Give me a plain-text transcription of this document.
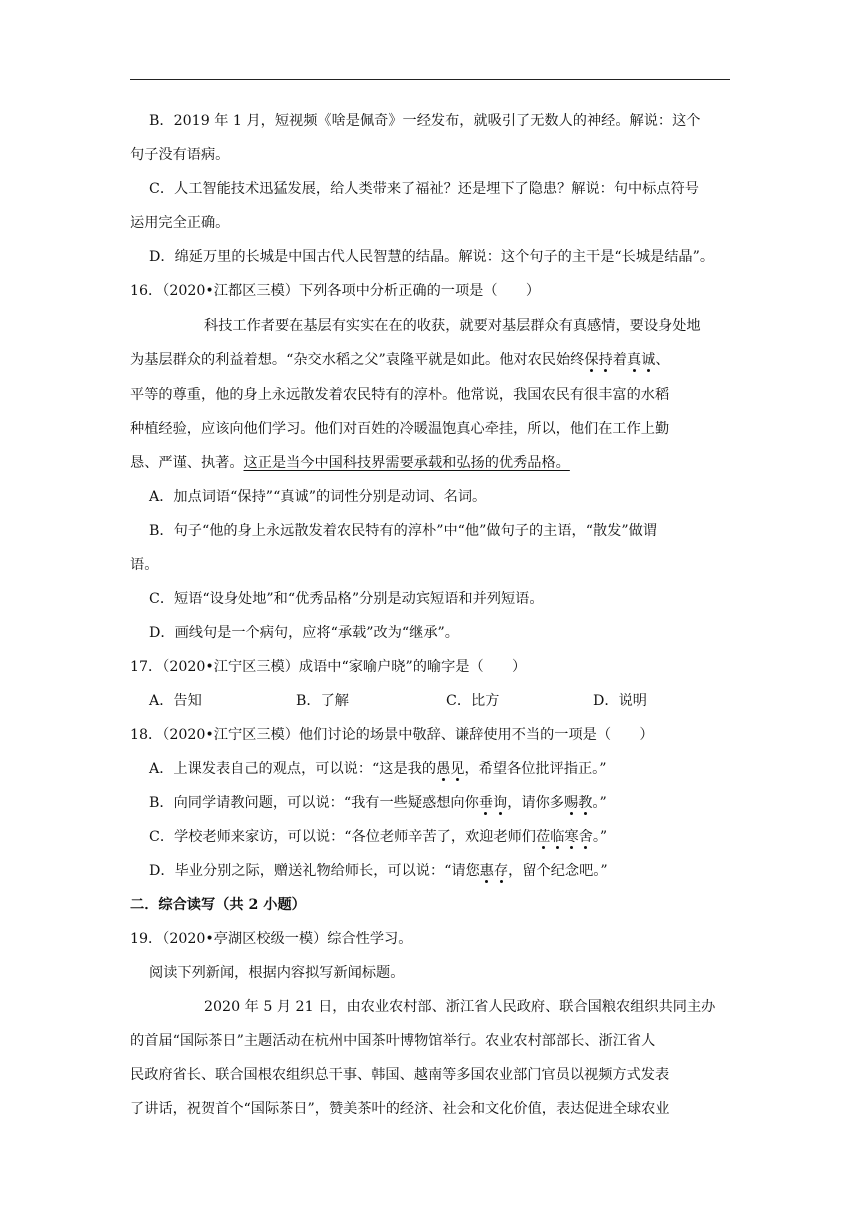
B．2019 年 1 月，短视频《啥是佩奇》一经发布，就吸引了无数人的神经。解说：这个
句子没有语病。
C．人工智能技术迅猛发展，给人类带来了福祉？还是埋下了隐患？解说：句中标点符号
运用完全正确。
D．绵延万里的长城是中国古代人民智慧的结晶。解说：这个句子的主干是“长城是结晶”。
16．（2020•江都区三模）下列各项中分析正确的一项是（　　）
科技工作者要在基层有实实在在的收获，就要对基层群众有真感情，要设身处地
为基层群众的利益着想。“杂交水稻之父”袁隆平就是如此。他对农民始终保持着真诚、
平等的尊重，他的身上永远散发着农民特有的淳朴。他常说，我国农民有很丰富的水稻
种植经验，应该向他们学习。他们对百姓的冷暖温饱真心牵挂，所以，他们在工作上勤
恳、严谨、执著。这正是当今中国科技界需要承载和弘扬的优秀品格。
A．加点词语“保持”“真诚”的词性分别是动词、名词。
B．句子“他的身上永远散发着农民特有的淳朴”中“他”做句子的主语，“散发”做谓
语。
C．短语“设身处地”和“优秀品格”分别是动宾短语和并列短语。
D．画线句是一个病句，应将“承载”改为“继承”。
17．（2020•江宁区三模）成语中“家喻户晓”的喻字是（　　）
A．告知	B．了解	C．比方	D．说明
18．（2020•江宁区三模）他们讨论的场景中敬辞、谦辞使用不当的一项是（　　）
A．上课发表自己的观点，可以说：“这是我的愚见，希望各位批评指正。”
B．向同学请教问题，可以说：“我有一些疑惑想向你垂询，请你多赐教。”
C．学校老师来家访，可以说：“各位老师辛苦了，欢迎老师们莅临寒舍。”
D．毕业分别之际，赠送礼物给师长，可以说：“请您惠存，留个纪念吧。”
二．综合读写（共 2 小题）
19．（2020•亭湖区校级一模）综合性学习。
阅读下列新闻，根据内容拟写新闻标题。
2020 年 5 月 21 日，由农业农村部、浙江省人民政府、联合国粮农组织共同主办
的首届“国际茶日”主题活动在杭州中国茶叶博物馆举行。农业农村部部长、浙江省人
民政府省长、联合国根农组织总干事、韩国、越南等多国农业部门官员以视频方式发表
了讲话，祝贺首个“国际茶日”，赞美茶叶的经济、社会和文化价值，表达促进全球农业
